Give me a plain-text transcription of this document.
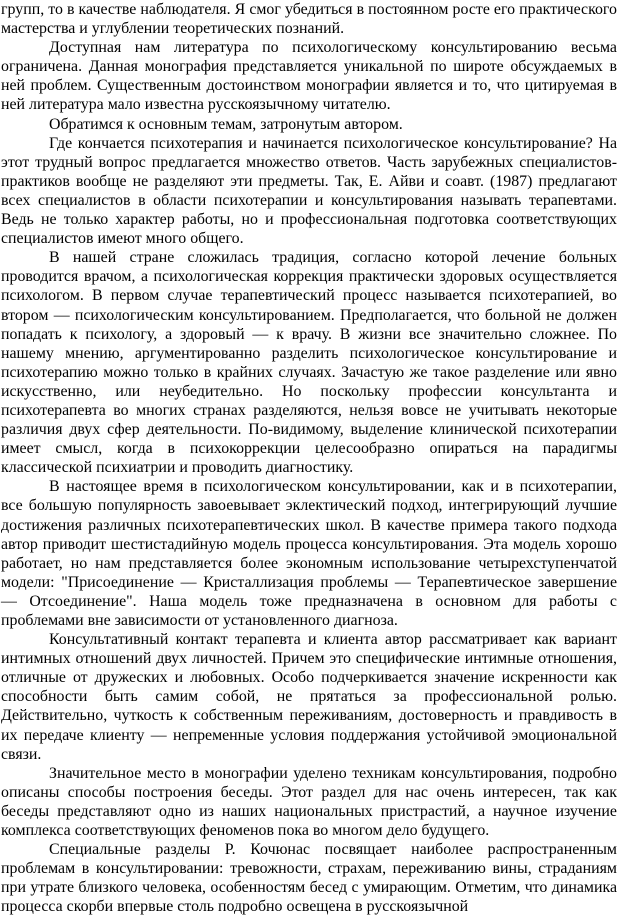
групп, то в качестве наблюдателя. Я смог убедиться в постоянном росте его практического мастерства и углублении теоретических познаний.

Доступная нам литература по психологическому консультированию весьма ограничена. Данная монография представляется уникальной по широте обсуждаемых в ней проблем. Существенным достоинством монографии является и то, что цитируемая в ней литература мало известна русскоязычному читателю.

Обратимся к основным темам, затронутым автором.

Где кончается психотерапия и начинается психологическое консультирование? На этот трудный вопрос предлагается множество ответов. Часть зарубежных специалистов-практиков вообще не разделяют эти предметы. Так, Е. Айви и соавт. (1987) предлагают всех специалистов в области психотерапии и консультирования называть терапевтами. Ведь не только характер работы, но и профессиональная подготовка соответствующих специалистов имеют много общего.

В нашей стране сложилась традиция, согласно которой лечение больных проводится врачом, а психологическая коррекция практически здоровых осуществляется психологом. В первом случае терапевтический процесс называется психотерапией, во втором — психологическим консультированием. Предполагается, что больной не должен попадать к психологу, а здоровый — к врачу. В жизни все значительно сложнее. По нашему мнению, аргументированно разделить психологическое консультирование и психотерапию можно только в крайних случаях. Зачастую же такое разделение или явно искусственно, или неубедительно. Но поскольку профессии консультанта и психотерапевта во многих странах разделяются, нельзя вовсе не учитывать некоторые различия двух сфер деятельности. По-видимому, выделение клинической психотерапии имеет смысл, когда в психокоррекции целесообразно опираться на парадигмы классической психиатрии и проводить диагностику.

В настоящее время в психологическом консультировании, как и в психотерапии, все большую популярность завоевывает эклектический подход, интегрирующий лучшие достижения различных психотерапевтических школ. В качестве примера такого подхода автор приводит шестистадийную модель процесса консультирования. Эта модель хорошо работает, но нам представляется более экономным использование четырехступенчатой модели: "Присоединение — Кристаллизация проблемы — Терапевтическое завершение — Отсоединение". Наша модель тоже предназначена в основном для работы с проблемами вне зависимости от установленного диагноза.

Консультативный контакт терапевта и клиента автор рассматривает как вариант интимных отношений двух личностей. Причем это специфические интимные отношения, отличные от дружеских и любовных. Особо подчеркивается значение искренности как способности быть самим собой, не прятаться за профессиональной ролью. Действительно, чуткость к собственным переживаниям, достоверность и правдивость в их передаче клиенту — непременные условия поддержания устойчивой эмоциональной связи.

Значительное место в монографии уделено техникам консультирования, подробно описаны способы построения беседы. Этот раздел для нас очень интересен, так как беседы представляют одно из наших национальных пристрастий, а научное изучение комплекса соответствующих феноменов пока во многом дело будущего.

Специальные разделы Р. Кочюнас посвящает наиболее распространенным проблемам в консультировании: тревожности, страхам, переживанию вины, страданиям при утрате близкого человека, особенностям бесед с умирающим. Отметим, что динамика процесса скорби впервые столь подробно освещена в русскоязычной
